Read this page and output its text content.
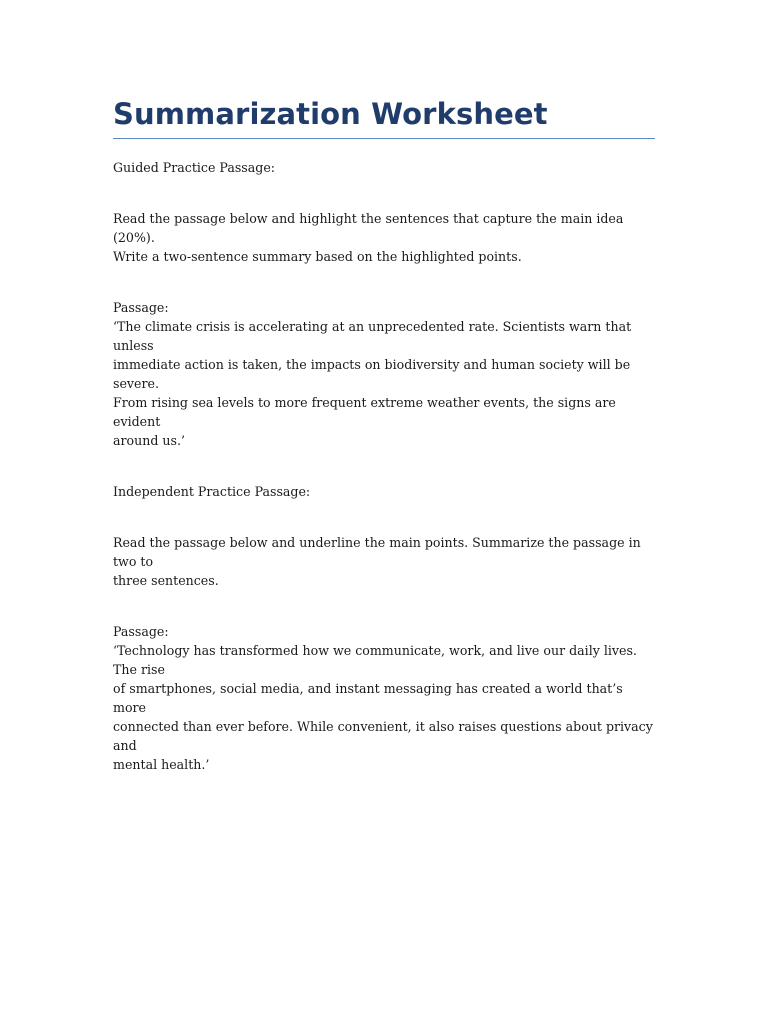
Summarization Worksheet

Guided Practice Passage:

Read the passage below and highlight the sentences that capture the main idea (20%).
Write a two-sentence summary based on the highlighted points.

Passage:
‘The climate crisis is accelerating at an unprecedented rate. Scientists warn that unless
immediate action is taken, the impacts on biodiversity and human society will be severe.
From rising sea levels to more frequent extreme weather events, the signs are evident
around us.’

Independent Practice Passage:

Read the passage below and underline the main points. Summarize the passage in two to
three sentences.

Passage:
‘Technology has transformed how we communicate, work, and live our daily lives. The rise
of smartphones, social media, and instant messaging has created a world that’s more
connected than ever before. While convenient, it also raises questions about privacy and
mental health.’
